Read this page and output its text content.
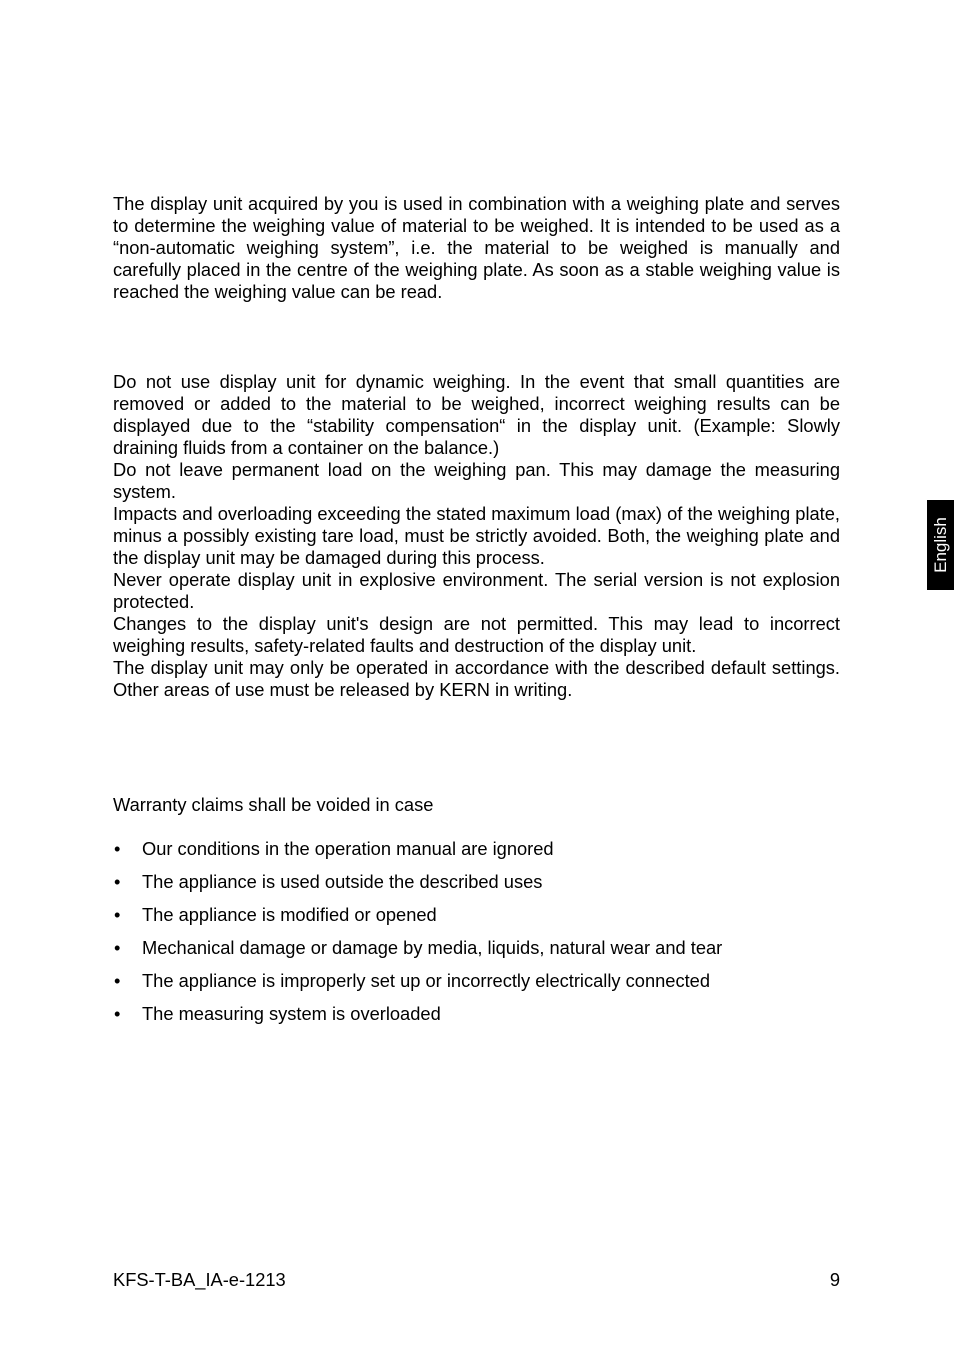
The display unit acquired by you is used in combination with a weighing plate and serves to determine the weighing value of material to be weighed. It is intended to be used as a “non-automatic weighing system”, i.e. the material to be weighed is manually and carefully placed in the centre of the weighing plate. As soon as a stable weighing value is reached the weighing value can be read.

Do not use display unit for dynamic weighing. In the event that small quantities are removed or added to the material to be weighed, incorrect weighing results can be displayed due to the “stability compensation“ in the display unit. (Example: Slowly draining fluids from a container on the balance.)
Do not leave permanent load on the weighing pan. This may damage the measuring system.
Impacts and overloading exceeding the stated maximum load (max) of the weighing plate, minus a possibly existing tare load, must be strictly avoided. Both, the weighing plate and the display unit may be damaged during this process.
Never operate display unit in explosive environment. The serial version is not explosion protected.
Changes to the display unit's design are not permitted. This may lead to incorrect weighing results, safety-related faults and destruction of the display unit.
The display unit may only be operated in accordance with the described default settings. Other areas of use must be released by KERN in writing.

Warranty claims shall be voided in case

• Our conditions in the operation manual are ignored
• The appliance is used outside the described uses
• The appliance is modified or opened
• Mechanical damage or damage by media, liquids, natural wear and tear
• The appliance is improperly set up or incorrectly electrically connected
• The measuring system is overloaded
English
KFS-T-BA_IA-e-1213	9
